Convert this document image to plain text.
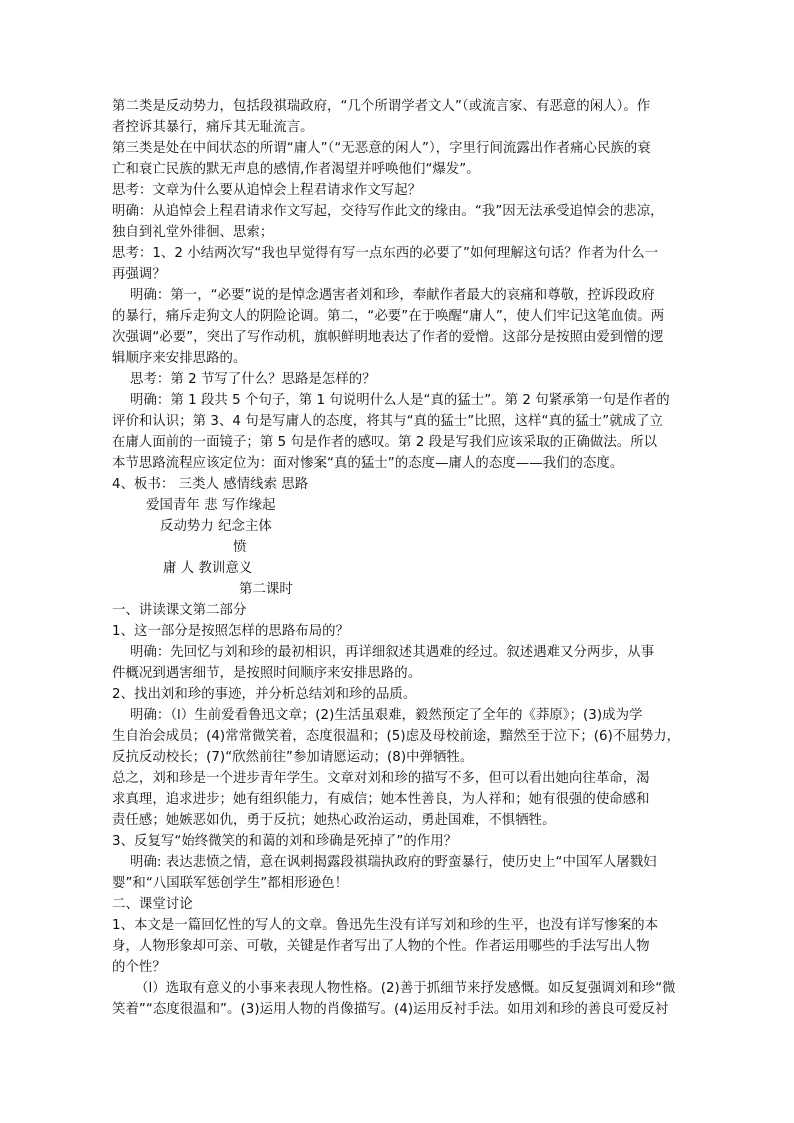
第二类是反动势力，包括段祺瑞政府，“几个所谓学者文人”（或流言家、有恶意的闲人）。作
者控诉其暴行，痛斥其无耻流言。
第三类是处在中间状态的所谓“庸人”（“无恶意的闲人”），字里行间流露出作者痛心民族的衰
亡和衰亡民族的默无声息的感情,作者渴望并呼唤他们“爆发”。
思考：文章为什么要从追悼会上程君请求作文写起？
明确：从追悼会上程君请求作文写起，交待写作此文的缘由。“我”因无法承受追悼会的悲凉，
独自到礼堂外徘徊、思索；
思考：1、2 小结两次写“我也早觉得有写一点东西的必要了”如何理解这句话？作者为什么一
再强调？
明确：第一，“必要”说的是悼念遇害者刘和珍，奉献作者最大的哀痛和尊敬，控诉段政府
的暴行，痛斥走狗文人的阴险论调。第二，“必要”在于唤醒“庸人”，使人们牢记这笔血债。两
次强调“必要”，突出了写作动机，旗帜鲜明地表达了作者的爱憎。这部分是按照由爱到憎的逻
辑顺序来安排思路的。
思考：第 2 节写了什么？思路是怎样的？
明确：第 1 段共 5 个句子，第 1 句说明什么人是“真的猛士”。第 2 句紧承第一句是作者的
评价和认识；第 3、4 句是写庸人的态度，将其与“真的猛士”比照，这样“真的猛士”就成了立
在庸人面前的一面镜子；第 5 句是作者的感叹。第 2 段是写我们应该采取的正确做法。所以
本节思路流程应该定位为：面对惨案“真的猛士”的态度—庸人的态度——我们的态度。
4、板书： 三类人 感情线索 思路
爱国青年 悲 写作缘起
反动势力 纪念主体
愤
庸 人 教训意义
第二课时
一、讲读课文第二部分
1、这一部分是按照怎样的思路布局的？
明确：先回忆与刘和珍的最初相识，再详细叙述其遇难的经过。叙述遇难又分两步，从事
件概况到遇害细节，是按照时间顺序来安排思路的。
2、找出刘和珍的事迹，并分析总结刘和珍的品质。
明确：（l）生前爱看鲁迅文章；(2)生活虽艰难，毅然预定了全年的《莽原》；(3)成为学
生自治会成员；(4)常常微笑着，态度很温和；(5)虑及母校前途，黯然至于泣下；(6)不屈势力，
反抗反动校长；(7)“欣然前往”参加请愿运动；(8)中弹牺牲。
总之，刘和珍是一个进步青年学生。文章对刘和珍的描写不多，但可以看出她向往革命，渴
求真理，追求进步；她有组织能力，有威信；她本性善良，为人祥和；她有很强的使命感和
责任感；她嫉恶如仇，勇于反抗；她热心政治运动，勇赴国难，不惧牺牲。
3、反复写“始终微笑的和蔼的刘和珍确是死掉了”的作用？
明确: 表达悲愤之情，意在讽刺揭露段祺瑞执政府的野蛮暴行，使历史上“中国军人屠戮妇
婴”和“八国联军惩创学生”都相形逊色！
二、课堂讨论
1、本文是一篇回忆性的写人的文章。鲁迅先生没有详写刘和珍的生平，也没有详写惨案的本
身，人物形象却可亲、可敬，关键是作者写出了人物的个性。作者运用哪些的手法写出人物
的个性？
（l）选取有意义的小事来表现人物性格。(2)善于抓细节来抒发感慨。如反复强调刘和珍“微
笑着”“态度很温和”。(3)运用人物的肖像描写。(4)运用反衬手法。如用刘和珍的善良可爱反衬
